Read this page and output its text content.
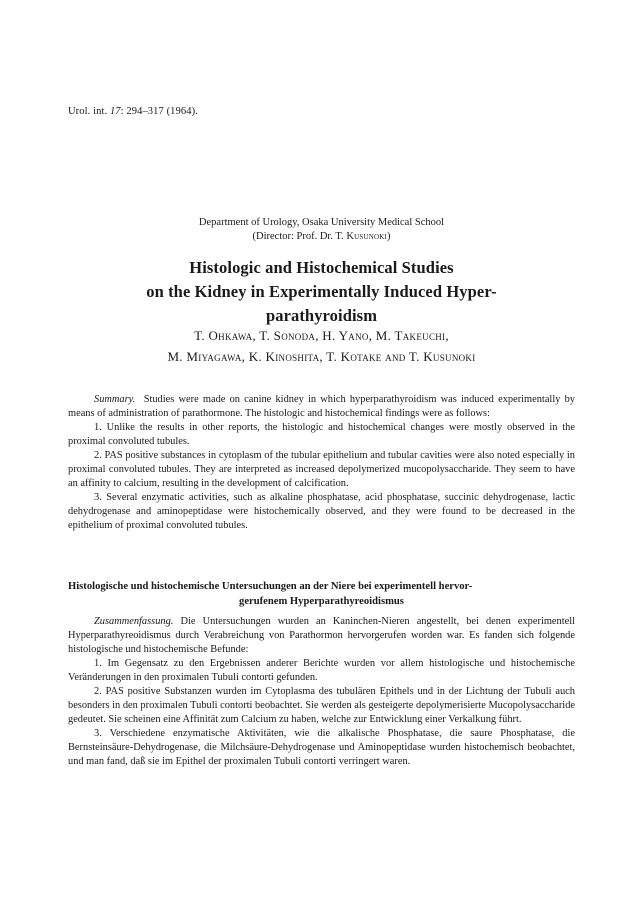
Urol. int. 17: 294–317 (1964).
Department of Urology, Osaka University Medical School
(Director: Prof. Dr. T. Kusunoki)
Histologic and Histochemical Studies
on the Kidney in Experimentally Induced Hyper-
parathyroidism
T. Ohkawa, T. Sonoda, H. Yano, M. Takeuchi,
M. Miyagawa, K. Kinoshita, T. Kotake and T. Kusunoki

Summary. Studies were made on canine kidney in which hyperparathyroidism was induced experimentally by means of administration of parathormone. The histologic and histochemical findings were as follows:

1. Unlike the results in other reports, the histologic and histochemical changes were mostly observed in the proximal convoluted tubules.

2. PAS positive substances in cytoplasm of the tubular epithelium and tubular cavities were also noted especially in proximal convoluted tubules. They are interpreted as increased depolymerized mucopolysaccharide. They seem to have an affinity to calcium, resulting in the development of calcification.

3. Several enzymatic activities, such as alkaline phosphatase, acid phosphatase, succinic dehydrogenase, lactic dehydrogenase and aminopeptidase were histochemically observed, and they were found to be decreased in the epithelium of proximal convoluted tubules.

Histologische und histochemische Untersuchungen an der Niere bei experimentell hervor-
gerufenem Hyperparathyreoidismus

Zusammenfassung. Die Untersuchungen wurden an Kaninchen-Nieren angestellt, bei denen experimentell Hyperparathyreoidismus durch Verabreichung von Parathormon hervorgerufen worden war. Es fanden sich folgende histologische und histochemische Befunde:

1. Im Gegensatz zu den Ergebnissen anderer Berichte wurden vor allem histologische und histochemische Veränderungen in den proximalen Tubuli contorti gefunden.

2. PAS positive Substanzen wurden im Cytoplasma des tubulären Epithels und in der Lichtung der Tubuli auch besonders in den proximalen Tubuli contorti beobachtet. Sie werden als gesteigerte depolymerisierte Mucopolysaccharide gedeutet. Sie scheinen eine Affinität zum Calcium zu haben, welche zur Entwicklung einer Verkalkung führt.

3. Verschiedene enzymatische Aktivitäten, wie die alkalische Phosphatase, die saure Phosphatase, die Bernsteinsäure-Dehydrogenase, die Milchsäure-Dehydrogenase und Aminopeptidase wurden histochemisch beobachtet, und man fand, daß sie im Epithel der proximalen Tubuli contorti verringert waren.
